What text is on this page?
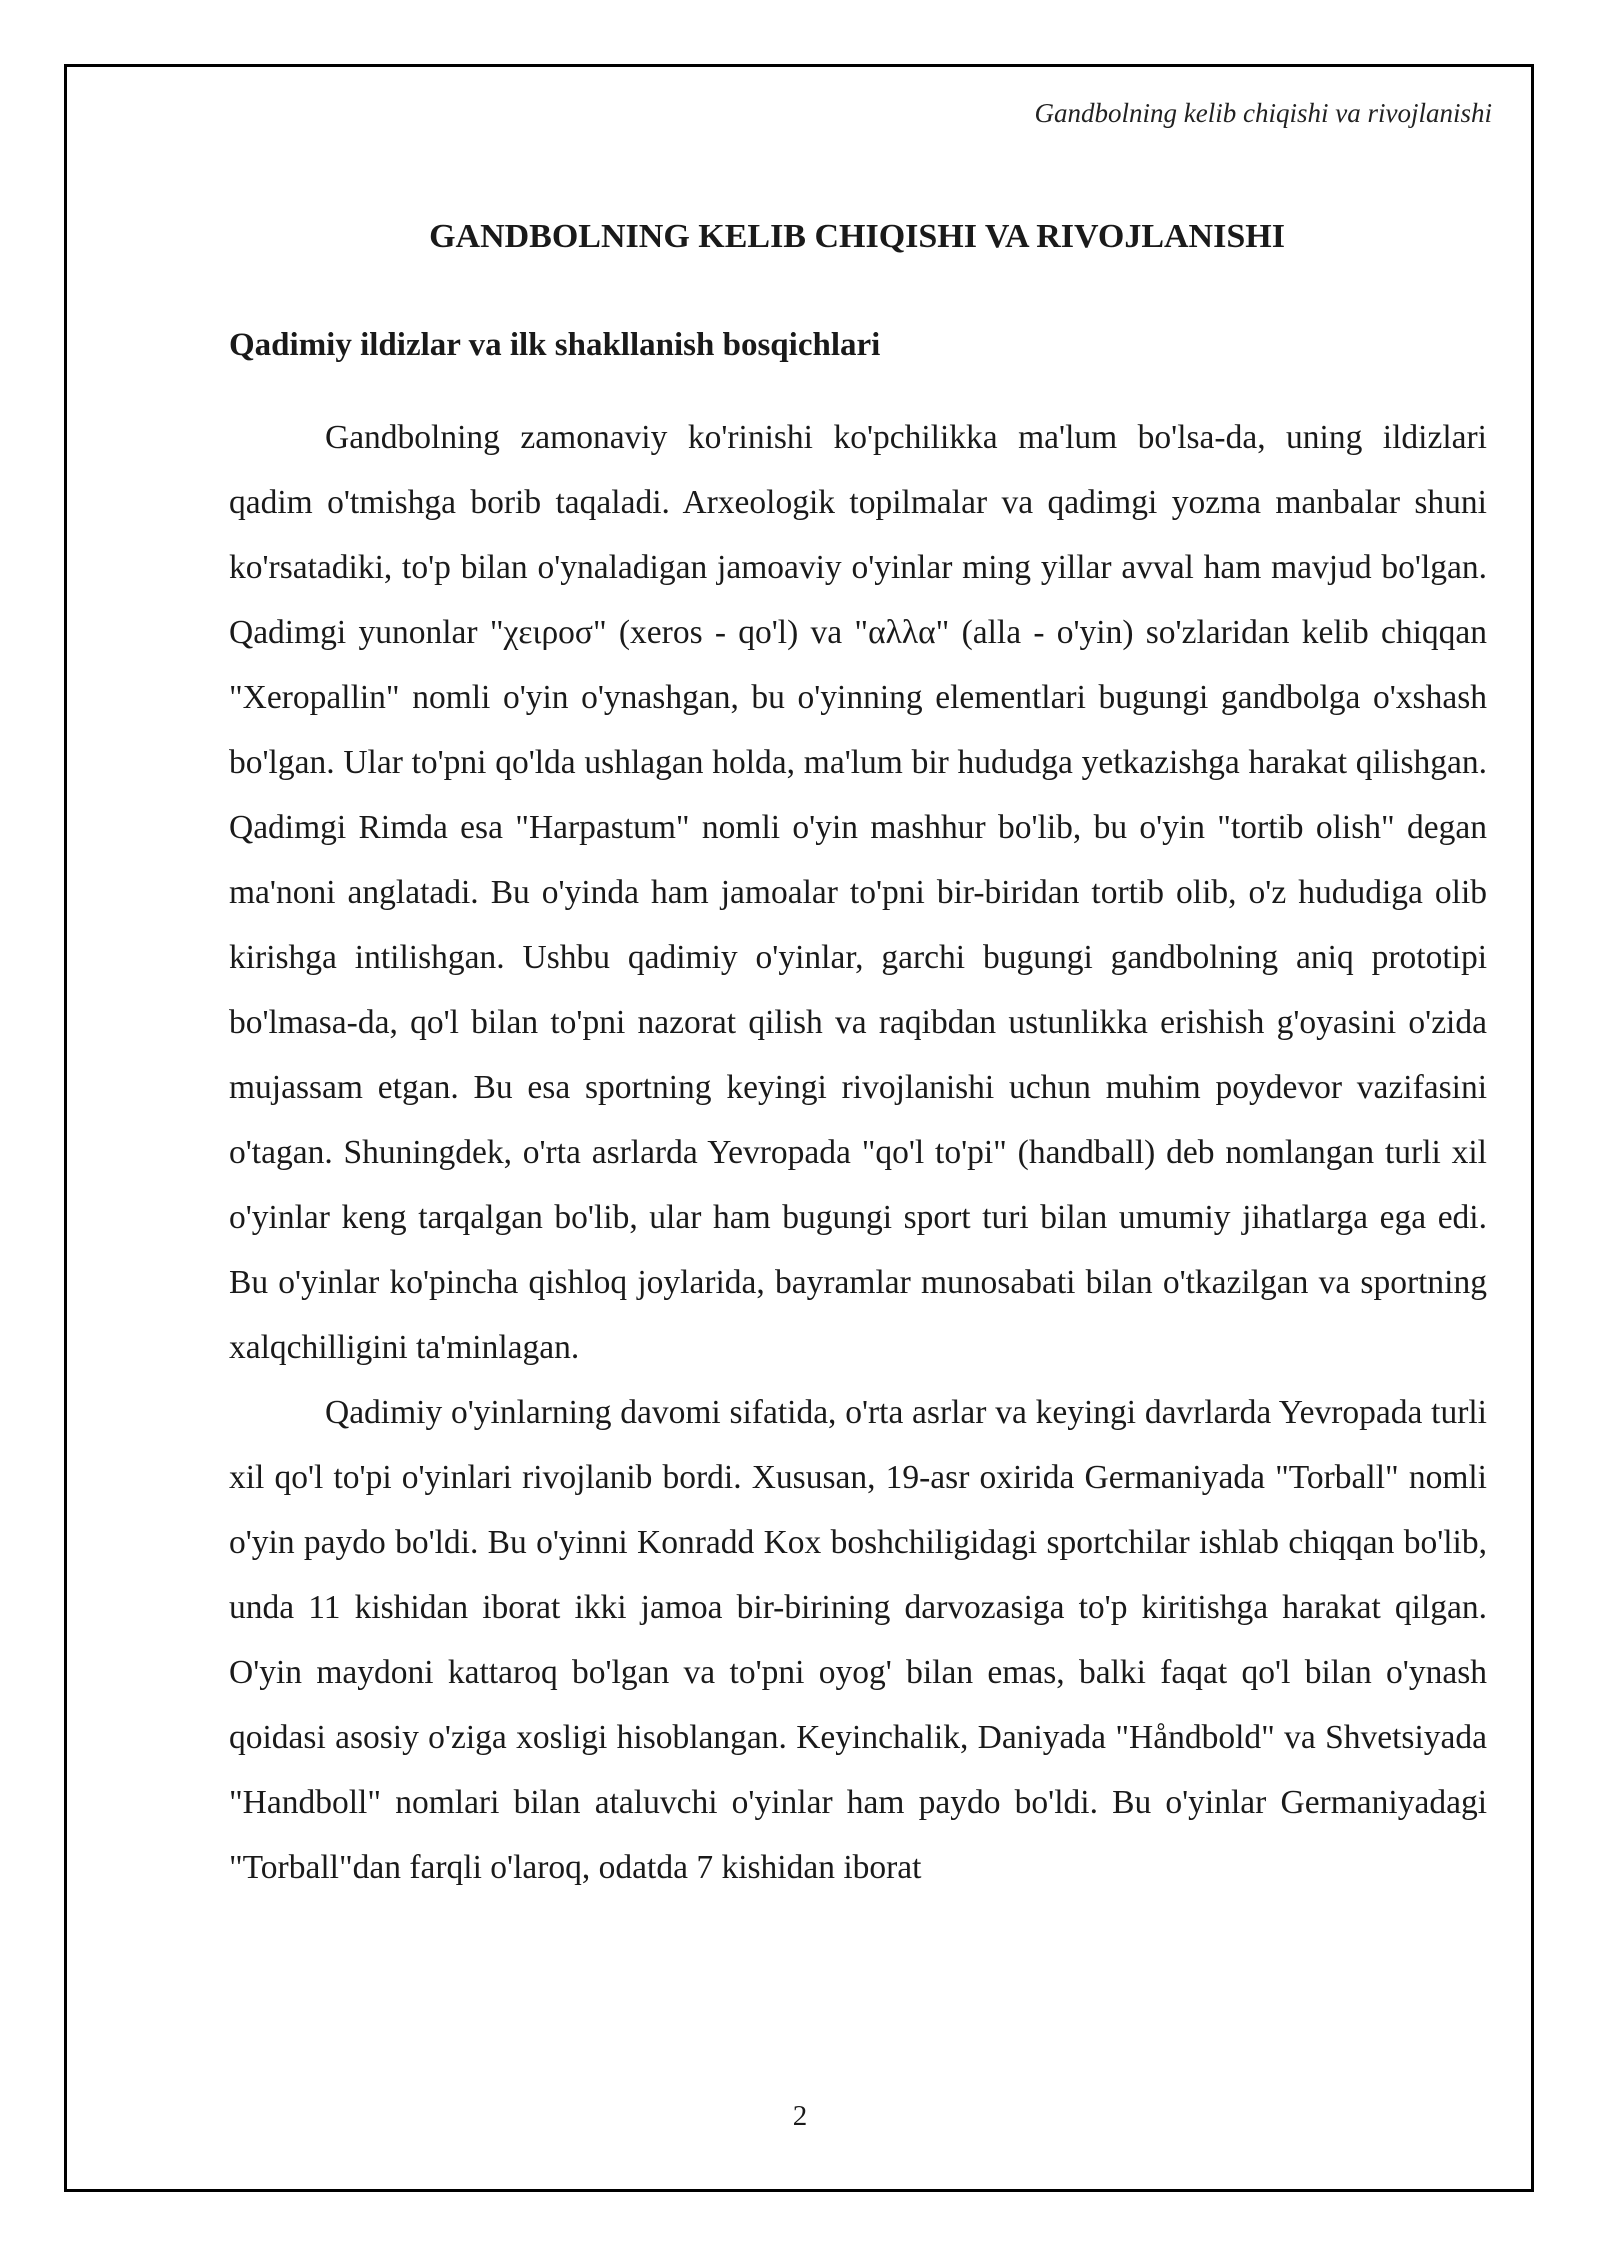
Gandbolning kelib chiqishi va rivojlanishi
GANDBOLNING KELIB CHIQISHI VA RIVOJLANISHI
Qadimiy ildizlar va ilk shakllanish bosqichlari

Gandbolning zamonaviy ko'rinishi ko'pchilikka ma'lum bo'lsa-da, uning ildizlari qadim o'tmishga borib taqaladi. Arxeologik topilmalar va qadimgi yozma manbalar shuni ko'rsatadiki, to'p bilan o'ynaladigan jamoaviy o'yinlar ming yillar avval ham mavjud bo'lgan. Qadimgi yunonlar "χειροσ" (xeros - qo'l) va "αλλα" (alla - o'yin) so'zlaridan kelib chiqqan "Xeropallin" nomli o'yin o'ynashgan, bu o'yinning elementlari bugungi gandbolga o'xshash bo'lgan. Ular to'pni qo'lda ushlagan holda, ma'lum bir hududga yetkazishga harakat qilishgan. Qadimgi Rimda esa "Harpastum" nomli o'yin mashhur bo'lib, bu o'yin "tortib olish" degan ma'noni anglatadi. Bu o'yinda ham jamoalar to'pni bir-biridan tortib olib, o'z hududiga olib kirishga intilishgan. Ushbu qadimiy o'yinlar, garchi bugungi gandbolning aniq prototipi bo'lmasa-da, qo'l bilan to'pni nazorat qilish va raqibdan ustunlikka erishish g'oyasini o'zida mujassam etgan. Bu esa sportning keyingi rivojlanishi uchun muhim poydevor vazifasini o'tagan. Shuningdek, o'rta asrlarda Yevropada "qo'l to'pi" (handball) deb nomlangan turli xil o'yinlar keng tarqalgan bo'lib, ular ham bugungi sport turi bilan umumiy jihatlarga ega edi. Bu o'yinlar ko'pincha qishloq joylarida, bayramlar munosabati bilan o'tkazilgan va sportning xalqchilligini ta'minlagan.

Qadimiy o'yinlarning davomi sifatida, o'rta asrlar va keyingi davrlarda Yevropada turli xil qo'l to'pi o'yinlari rivojlanib bordi. Xususan, 19-asr oxirida Germaniyada "Torball" nomli o'yin paydo bo'ldi. Bu o'yinni Konradd Kox boshchiligidagi sportchilar ishlab chiqqan bo'lib, unda 11 kishidan iborat ikki jamoa bir-birining darvozasiga to'p kiritishga harakat qilgan. O'yin maydoni kattaroq bo'lgan va to'pni oyog' bilan emas, balki faqat qo'l bilan o'ynash qoidasi asosiy o'ziga xosligi hisoblangan. Keyinchalik, Daniyada "Håndbold" va Shvetsiyada "Handboll" nomlari bilan ataluvchi o'yinlar ham paydo bo'ldi. Bu o'yinlar Germaniyadagi "Torball"dan farqli o'laroq, odatda 7 kishidan iborat

2
